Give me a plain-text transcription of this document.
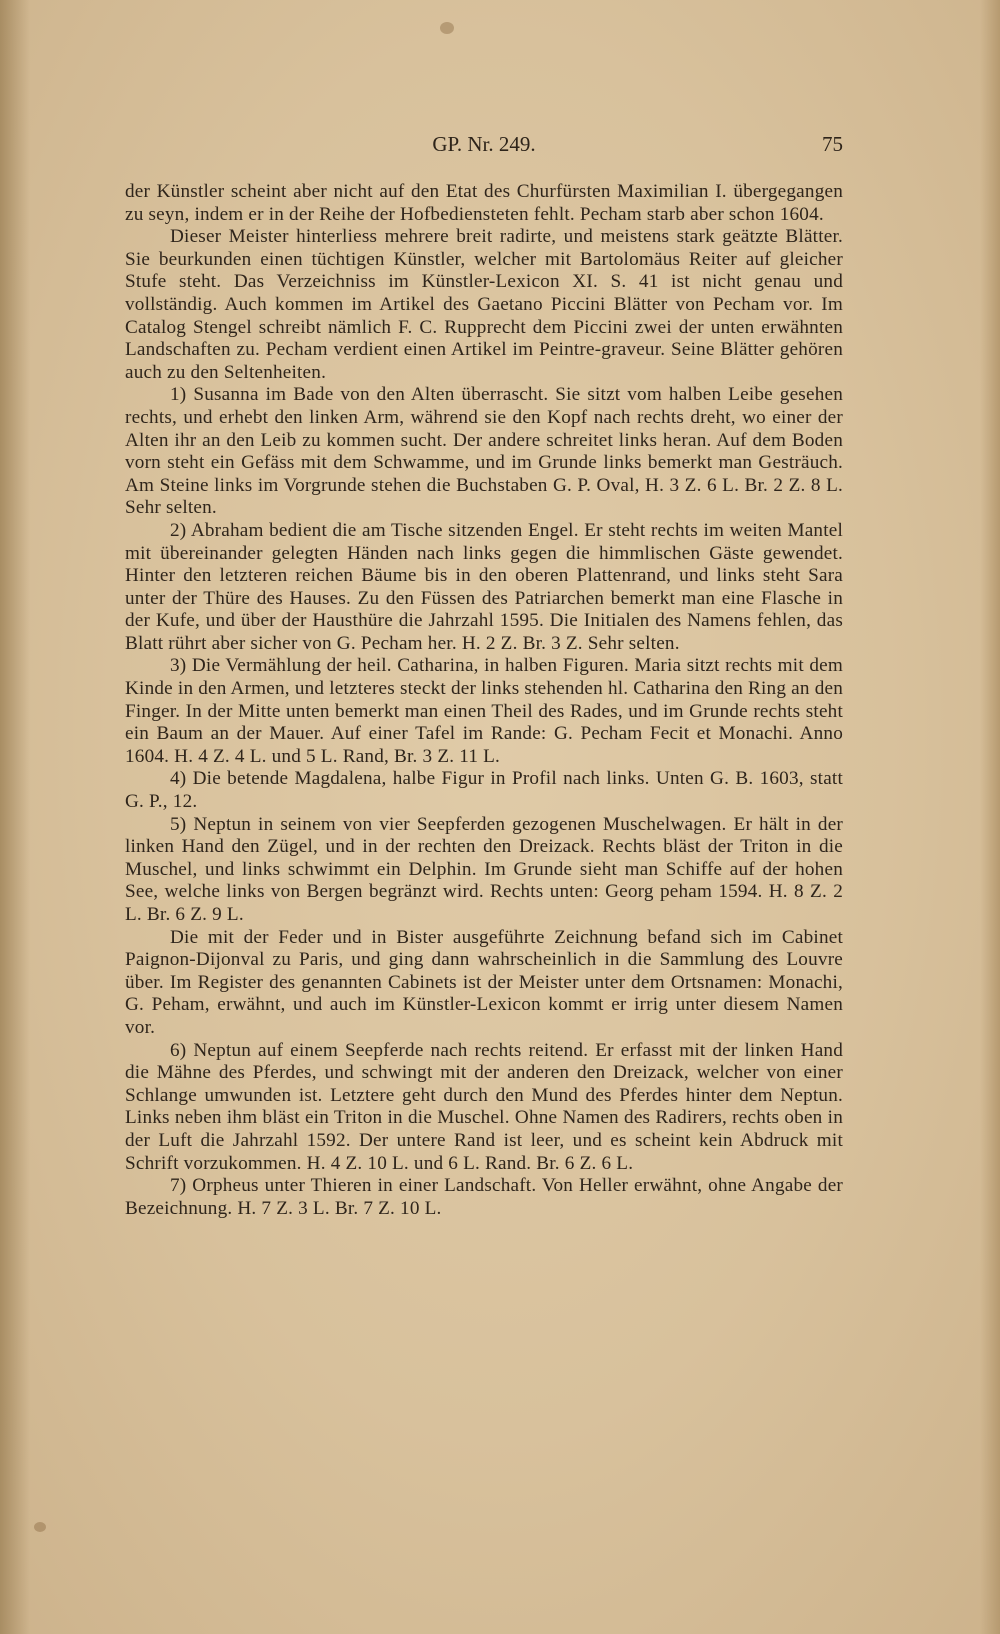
GP. Nr. 249.	75

der Künstler scheint aber nicht auf den Etat des Churfürsten Maximilian I. übergegangen zu seyn, indem er in der Reihe der Hofbediensteten fehlt. Pecham starb aber schon 1604.

Dieser Meister hinterliess mehrere breit radirte, und meistens stark geätzte Blätter. Sie beurkunden einen tüchtigen Künstler, welcher mit Bartolomäus Reiter auf gleicher Stufe steht. Das Verzeichniss im Künstler-Lexicon XI. S. 41 ist nicht genau und vollständig. Auch kommen im Artikel des Gaetano Piccini Blätter von Pecham vor. Im Catalog Stengel schreibt nämlich F. C. Rupprecht dem Piccini zwei der unten erwähnten Landschaften zu. Pecham verdient einen Artikel im Peintre-graveur. Seine Blätter gehören auch zu den Seltenheiten.

1) Susanna im Bade von den Alten überrascht. Sie sitzt vom halben Leibe gesehen rechts, und erhebt den linken Arm, während sie den Kopf nach rechts dreht, wo einer der Alten ihr an den Leib zu kommen sucht. Der andere schreitet links heran. Auf dem Boden vorn steht ein Gefäss mit dem Schwamme, und im Grunde links bemerkt man Gesträuch. Am Steine links im Vorgrunde stehen die Buchstaben G. P. Oval, H. 3 Z. 6 L. Br. 2 Z. 8 L. Sehr selten.

2) Abraham bedient die am Tische sitzenden Engel. Er steht rechts im weiten Mantel mit übereinander gelegten Händen nach links gegen die himmlischen Gäste gewendet. Hinter den letzteren reichen Bäume bis in den oberen Plattenrand, und links steht Sara unter der Thüre des Hauses. Zu den Füssen des Patriarchen bemerkt man eine Flasche in der Kufe, und über der Hausthüre die Jahrzahl 1595. Die Initialen des Namens fehlen, das Blatt rührt aber sicher von G. Pecham her. H. 2 Z. Br. 3 Z. Sehr selten.

3) Die Vermählung der heil. Catharina, in halben Figuren. Maria sitzt rechts mit dem Kinde in den Armen, und letzteres steckt der links stehenden hl. Catharina den Ring an den Finger. In der Mitte unten bemerkt man einen Theil des Rades, und im Grunde rechts steht ein Baum an der Mauer. Auf einer Tafel im Rande: G. Pecham Fecit et Monachi. Anno 1604. H. 4 Z. 4 L. und 5 L. Rand, Br. 3 Z. 11 L.

4) Die betende Magdalena, halbe Figur in Profil nach links. Unten G. B. 1603, statt G. P., 12.

5) Neptun in seinem von vier Seepferden gezogenen Muschelwagen. Er hält in der linken Hand den Zügel, und in der rechten den Dreizack. Rechts bläst der Triton in die Muschel, und links schwimmt ein Delphin. Im Grunde sieht man Schiffe auf der hohen See, welche links von Bergen begränzt wird. Rechts unten: Georg peham 1594. H. 8 Z. 2 L. Br. 6 Z. 9 L.

Die mit der Feder und in Bister ausgeführte Zeichnung befand sich im Cabinet Paignon-Dijonval zu Paris, und ging dann wahrscheinlich in die Sammlung des Louvre über. Im Register des genannten Cabinets ist der Meister unter dem Ortsnamen: Monachi, G. Peham, erwähnt, und auch im Künstler-Lexicon kommt er irrig unter diesem Namen vor.

6) Neptun auf einem Seepferde nach rechts reitend. Er erfasst mit der linken Hand die Mähne des Pferdes, und schwingt mit der anderen den Dreizack, welcher von einer Schlange umwunden ist. Letztere geht durch den Mund des Pferdes hinter dem Neptun. Links neben ihm bläst ein Triton in die Muschel. Ohne Namen des Radirers, rechts oben in der Luft die Jahrzahl 1592. Der untere Rand ist leer, und es scheint kein Abdruck mit Schrift vorzukommen. H. 4 Z. 10 L. und 6 L. Rand. Br. 6 Z. 6 L.

7) Orpheus unter Thieren in einer Landschaft. Von Heller erwähnt, ohne Angabe der Bezeichnung. H. 7 Z. 3 L. Br. 7 Z. 10 L.
